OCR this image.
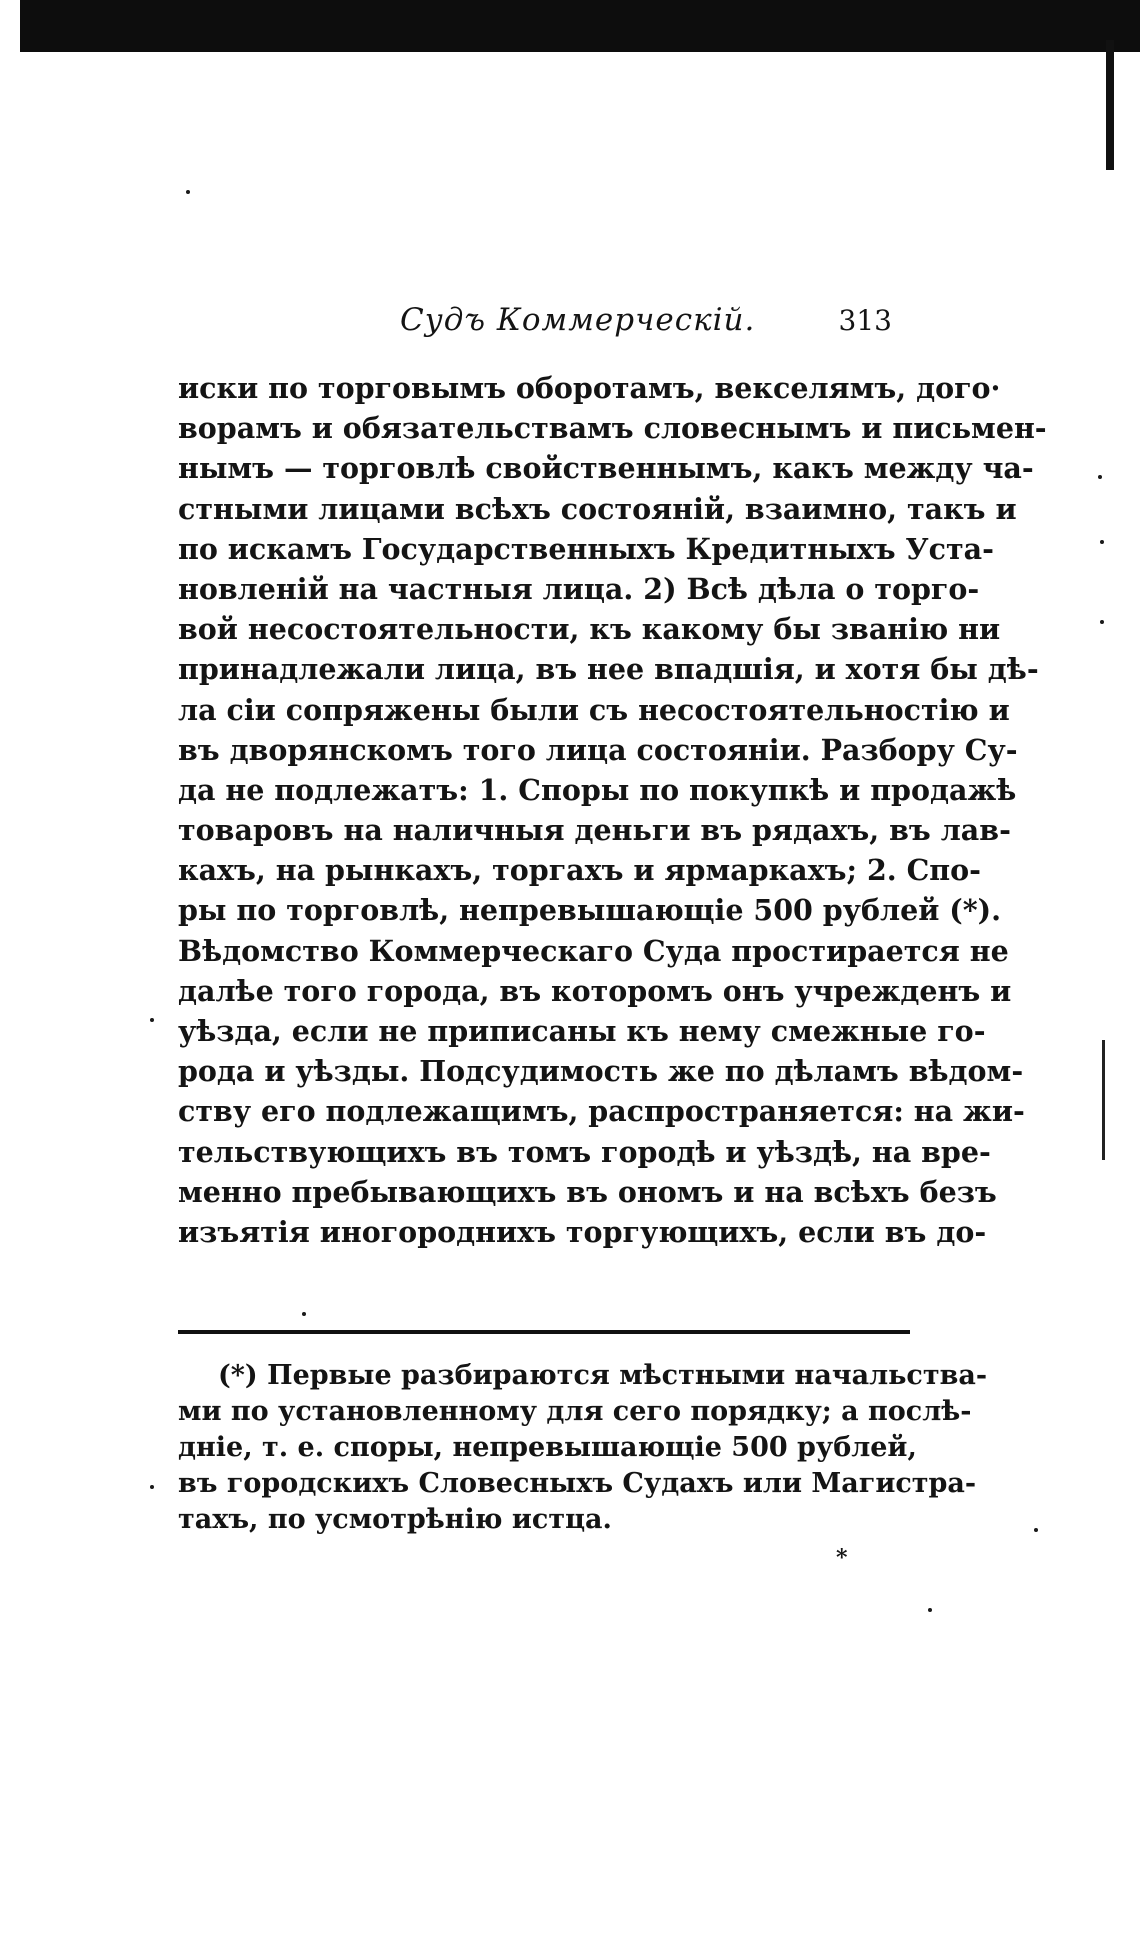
Судъ Коммерческій.	313
иски по торговымъ оборотамъ, векселямъ, дого·
ворамъ и обязательствамъ словеснымъ и письмен-
нымъ — торговлѣ свойственнымъ, какъ между ча-
стными лицами всѣхъ состояній, взаимно, такъ и
по искамъ Государственныхъ Кредитныхъ Уста-
новленій на частныя лица. 2) Всѣ дѣла о торго-
вой несостоятельности, къ какому бы званію ни
принадлежали лица, въ нее впадшія, и хотя бы дѣ-
ла сіи сопряжены были съ несостоятельностію и
въ дворянскомъ того лица состояніи. Разбору Су-
да не подлежатъ: 1. Споры по покупкѣ и продажѣ
товаровъ на наличныя деньги въ рядахъ, въ лав-
кахъ, на рынкахъ, торгахъ и ярмаркахъ; 2. Спо-
ры по торговлѣ, непревышающіе 500 рублей (*).
Вѣдомство Коммерческаго Суда простирается не
далѣе того города, въ которомъ онъ учрежденъ и
уѣзда, если не приписаны къ нему смежные го-
рода и уѣзды. Подсудимость же по дѣламъ вѣдом-
ству его подлежащимъ, распространяется: на жи-
тельствующихъ въ томъ городѣ и уѣздѣ, на вре-
менно пребывающихъ въ ономъ и на всѣхъ безъ
изъятія иногороднихъ торгующихъ, если въ до-
(*) Первые разбираются мѣстными начальства-
ми по установленному для сего порядку; а послѣ-
дніе, т. е. споры, непревышающіе 500 рублей,
въ городскихъ Словесныхъ Судахъ или Магистра-
тахъ, по усмотрѣнію истца.
*
